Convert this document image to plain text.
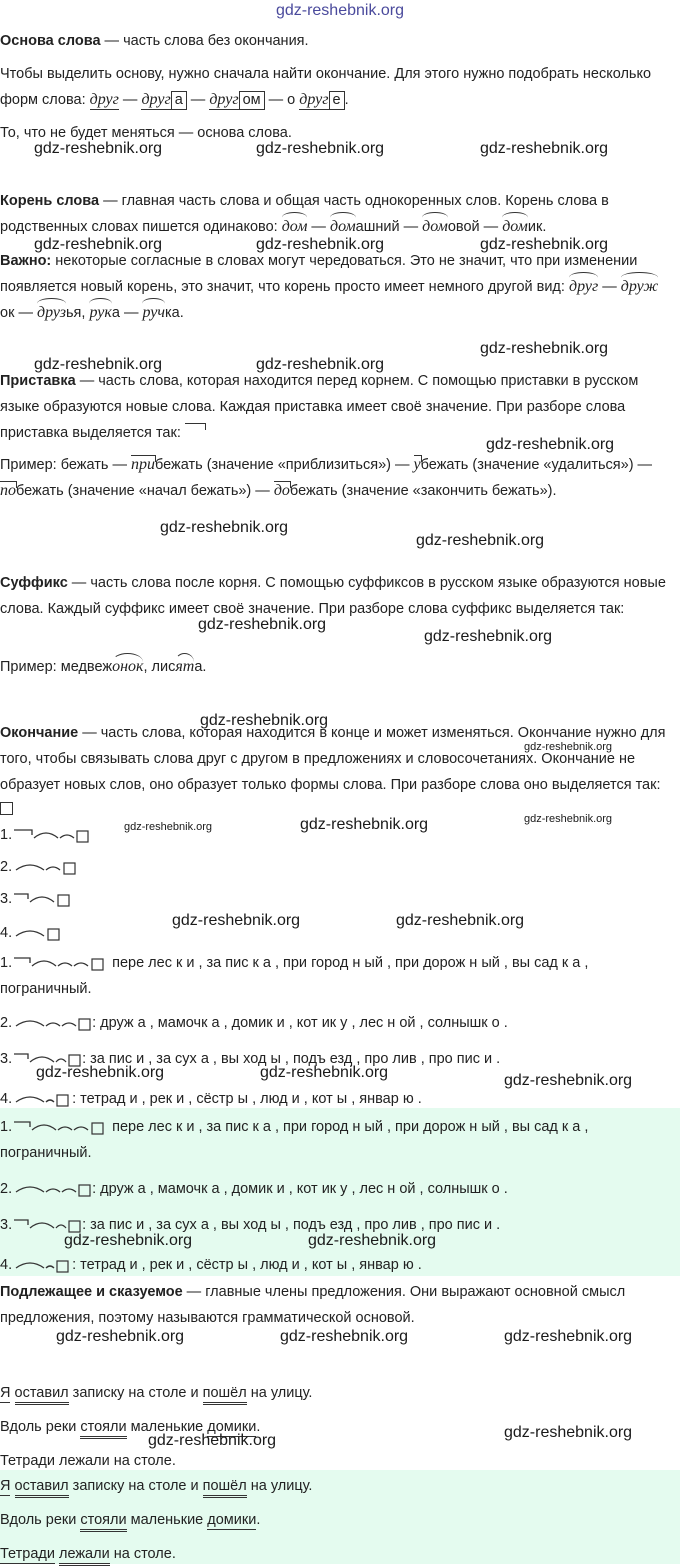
gdz-reshebnik.org

Основа слова — часть слова без окончания.

Чтобы выделить основу, нужно сначала найти окончание. Для этого нужно подобрать несколько форм слова: друг — друг а — друг ом — о друг е .

То, что не будет меняться — основа слова.

gdz-reshebnik.org	gdz-reshebnik.org	gdz-reshebnik.org

Корень слова — главная часть слова и общая часть однокоренных слов. Корень слова в родственных словах пишется одинаково: дом — домашний — домовой — домик.

gdz-reshebnik.org	gdz-reshebnik.org	gdz-reshebnik.org

Важно: некоторые согласные в словах могут чередоваться. Это не значит, что при изменении появляется новый корень, это значит, что корень просто имеет немного другой вид: друг — дружок — друзья, рука — ручка.

gdz-reshebnik.org
gdz-reshebnik.org	gdz-reshebnik.org

Приставка — часть слова, которая находится перед корнем. С помощью приставки в русском языке образуются новые слова. Каждая приставка имеет своё значение. При разборе слова приставка выделяется так:

gdz-reshebnik.org

Пример: бежать — прибежать (значение «приблизиться») — убежать (значение «удалиться») — побежать (значение «начал бежать») — добежать (значение «закончить бежать»).

gdz-reshebnik.org
gdz-reshebnik.org

Суффикс — часть слова после корня. С помощью суффиксов в русском языке образуются новые слова. Каждый суффикс имеет своё значение. При разборе слова суффикс выделяется так:

gdz-reshebnik.org
gdz-reshebnik.org

Пример: медвежонок, лисята.

gdz-reshebnik.org

Окончание — часть слова, которая находится в конце и может изменяться. Окончание нужно для того, чтобы связывать слова друг с другом в предложениях и словосочетаниях. Окончание не образует новых слов, оно образует только формы слова. При разборе слова оно выделяется так:

gdz-reshebnik.org
gdz-reshebnik.org	gdz-reshebnik.org	gdz-reshebnik.org
1.
2.
3.
4.
gdz-reshebnik.org	gdz-reshebnik.org
1.	пере лес к и , за пис к а , при город н ый , при дорож н ый , вы сад к а ,
пограничный.
2.	: друж а , мамочк а , домик и , кот ик у , лес н ой , солнышк о .
3.	: за пис и , за сух а , вы ход ы , подъ езд , про лив , про пис и .
gdz-reshebnik.org	gdz-reshebnik.org	gdz-reshebnik.org
4.	: тетрад и , рек и , сёстр ы , люд и , кот ы , январ ю .
1.	пере лес к и , за пис к а , при город н ый , при дорож н ый , вы сад к а ,
пограничный.
2.	: друж а , мамочк а , домик и , кот ик у , лес н ой , солнышк о .
3.	: за пис и , за сух а , вы ход ы , подъ езд , про лив , про пис и .
gdz-reshebnik.org	gdz-reshebnik.org
4.	: тетрад и , рек и , сёстр ы , люд и , кот ы , январ ю .

Подлежащее и сказуемое — главные члены предложения. Они выражают основной смысл предложения, поэтому называются грамматической основой.

gdz-reshebnik.org	gdz-reshebnik.org	gdz-reshebnik.org

Я оставил записку на столе и пошёл на улицу.

Вдоль реки стояли маленькие домики.

gdz-reshebnik.org	gdz-reshebnik.org

Тетради лежали на столе.

Я оставил записку на столе и пошёл на улицу.

Вдоль реки стояли маленькие домики.

Тетради лежали на столе.
